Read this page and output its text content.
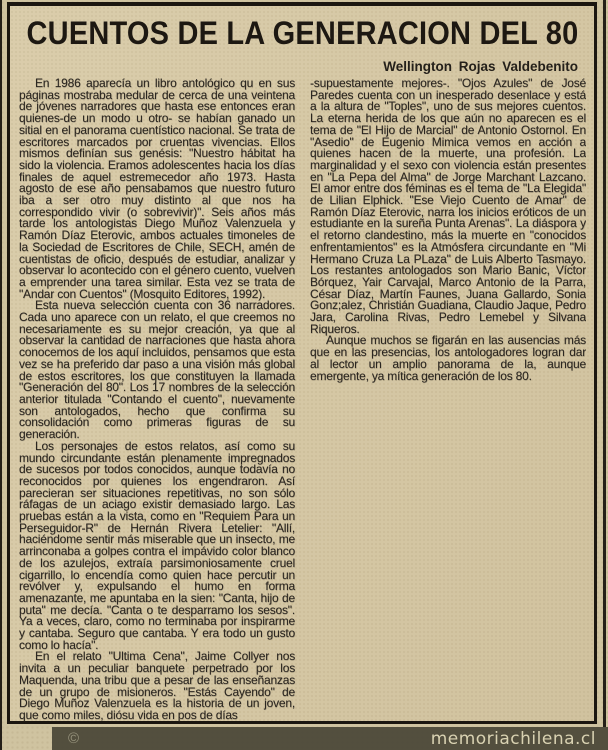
CUENTOS DE LA GENERACION DEL 80
Wellington Rojas Valdebenito

En 1986 aparecía un libro antológico qu en sus páginas mostraba medular de cerca de una veintena de jóvenes narradores que hasta ese entonces eran quienes-de un modo u otro- se habían ganado un sitial en el panorama cuentístico nacional. Se trata de escritores marcados por cruentas vivencias. Ellos mismos definían sus genésis: "Nuestro hábitat ha sido la violencia. Eramos adolescentes hacia los días finales de aquel estremecedor año 1973. Hasta agosto de ese año pensabamos que nuestro futuro iba a ser otro muy distinto al que nos ha correspondido vivir (o sobrevivir)". Seis años más tarde los antologistas Diego Muñoz Valenzuela y Ramón Díaz Eterovic, ambos actuales timoneles de la Sociedad de Escritores de Chile, SECH, amén de cuentistas de oficio, después de estudiar, analizar y observar lo acontecido con el género cuento, vuelven a emprender una tarea similar. Esta vez se trata de "Andar con Cuentos" (Mosquito Editores, 1992).

Esta nueva selección cuenta con 36 narradores. Cada uno aparece con un relato, el que creemos no necesariamente es su mejor creación, ya que al observar la cantidad de narraciones que hasta ahora conocemos de los aquí incluidos, pensamos que esta vez se ha preferido dar paso a una visión más global de estos escritores, los que constituyen la llamada "Generación del 80". Los 17 nombres de la selección anterior titulada "Contando el cuento", nuevamente son antologados, hecho que confirma su consolidación como primeras figuras de su generación.

Los personajes de estos relatos, así como su mundo circundante están plenamente impregnados de sucesos por todos conocidos, aunque todavía no reconocidos por quienes los engendraron. Así parecieran ser situaciones repetitivas, no son sólo ráfagas de un aciago existir demasiado largo. Las pruebas están a la vista, como en "Requiem Para un Perseguidor-R" de Hernán Rivera Letelier: "Allí, haciéndome sentir más miserable que un insecto, me arrinconaba a golpes contra el impávido color blanco de los azulejos, extraía parsimoniosamente cruel cigarrillo, lo encendía como quien hace percutir un revólver y, expulsando el humo en forma amenazante, me apuntaba en la sien: "Canta, hijo de puta" me decía. "Canta o te desparramo los sesos". Ya a veces, claro, como no terminaba por inspirarme y cantaba. Seguro que cantaba. Y era todo un gusto como lo hacía".

En el relato "Ultima Cena", Jaime Collyer nos invita a un peculiar banquete perpetrado por los Maquenda, una tribu que a pesar de las enseñanzas de un grupo de misioneros. "Estás Cayendo" de Diego Muñoz Valenzuela es la historia de un joven, que como miles, diósu vida en pos de días

-supuestamente mejores-. "Ojos Azules" de José Paredes cuenta con un inesperado desenlace y está a la altura de "Toples", uno de sus mejores cuentos. La eterna herida de los que aún no aparecen es el tema de "El Hijo de Marcial" de Antonio Ostornol. En "Asedio" de Eugenio Mimica vemos en acción a quienes hacen de la muerte, una profesión. La marginalidad y el sexo con violencia están presentes en "La Pepa del Alma" de Jorge Marchant Lazcano. El amor entre dos féminas es el tema de "La Elegida" de Lilian Elphick. "Ese Viejo Cuento de Amar" de Ramón Díaz Eterovic, narra los inicios eróticos de un estudiante en la sureña Punta Arenas". La diáspora y el retorno clandestino, más la muerte en "conocidos enfrentamientos" es la Atmósfera circundante en "Mi Hermano Cruza La PLaza" de Luis Alberto Tasmayo. Los restantes antologados son Mario Banic, Víctor Bórquez, Yair Carvajal, Marco Antonio de la Parra, César Díaz, Martín Faunes, Juana Gallardo, Sonia Gonz;alez, Christián Guadiana, Claudio Jaque, Pedro Jara, Carolina Rivas, Pedro Lemebel y Silvana Riqueros.

Aunque muchos se figarán en las ausencias más que en las presencias, los antologadores logran dar al lector un amplio panorama de la, aunque emergente, ya mítica generación de los 80.

©	memoriachilena.cl
